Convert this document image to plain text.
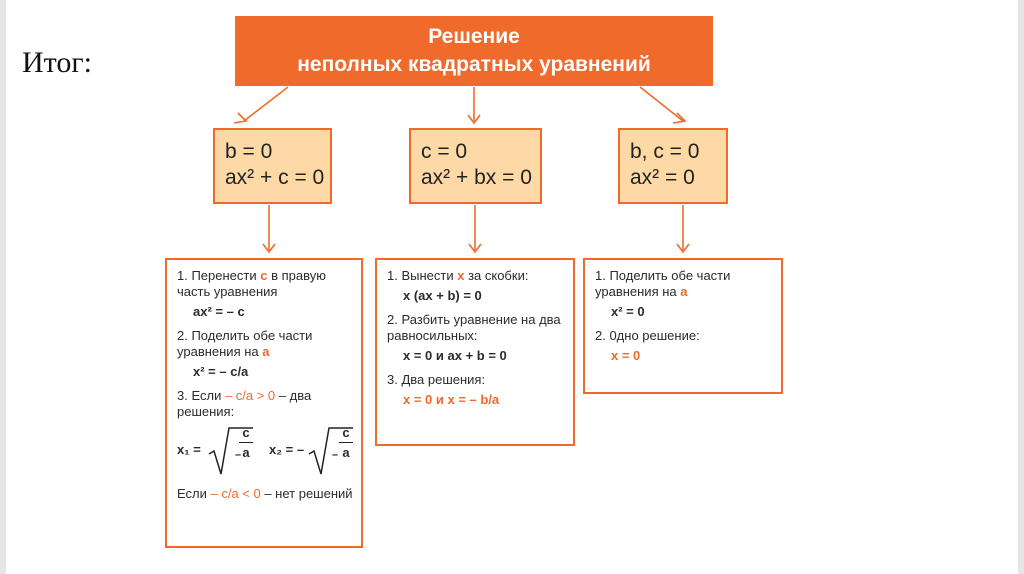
Итог:
Решение
неполных квадратных уравнений
b = 0
ax² + c = 0
c = 0
ax² + bx = 0
b, c = 0
ax² = 0

1. Перенести с в правую часть уравнения

ax² = – c

2. Поделить обе части уравнения на а

x² = – c/a

3. Если – c/a > 0 – два решения:

x₁ =	–
$\frac{c}{a} x_2$ = –	– $\frac{c}{a}$

Если – c/a < 0 – нет решений

1. Вынести x за скобки:

x (ax + b) = 0

2. Разбить уравнение на два равносильных:

x = 0 и ax + b = 0

3. Два решения:

x = 0 и x = – b/a

1. Поделить обе части уравнения на а

x² = 0

2. 0дно решение:

x = 0
